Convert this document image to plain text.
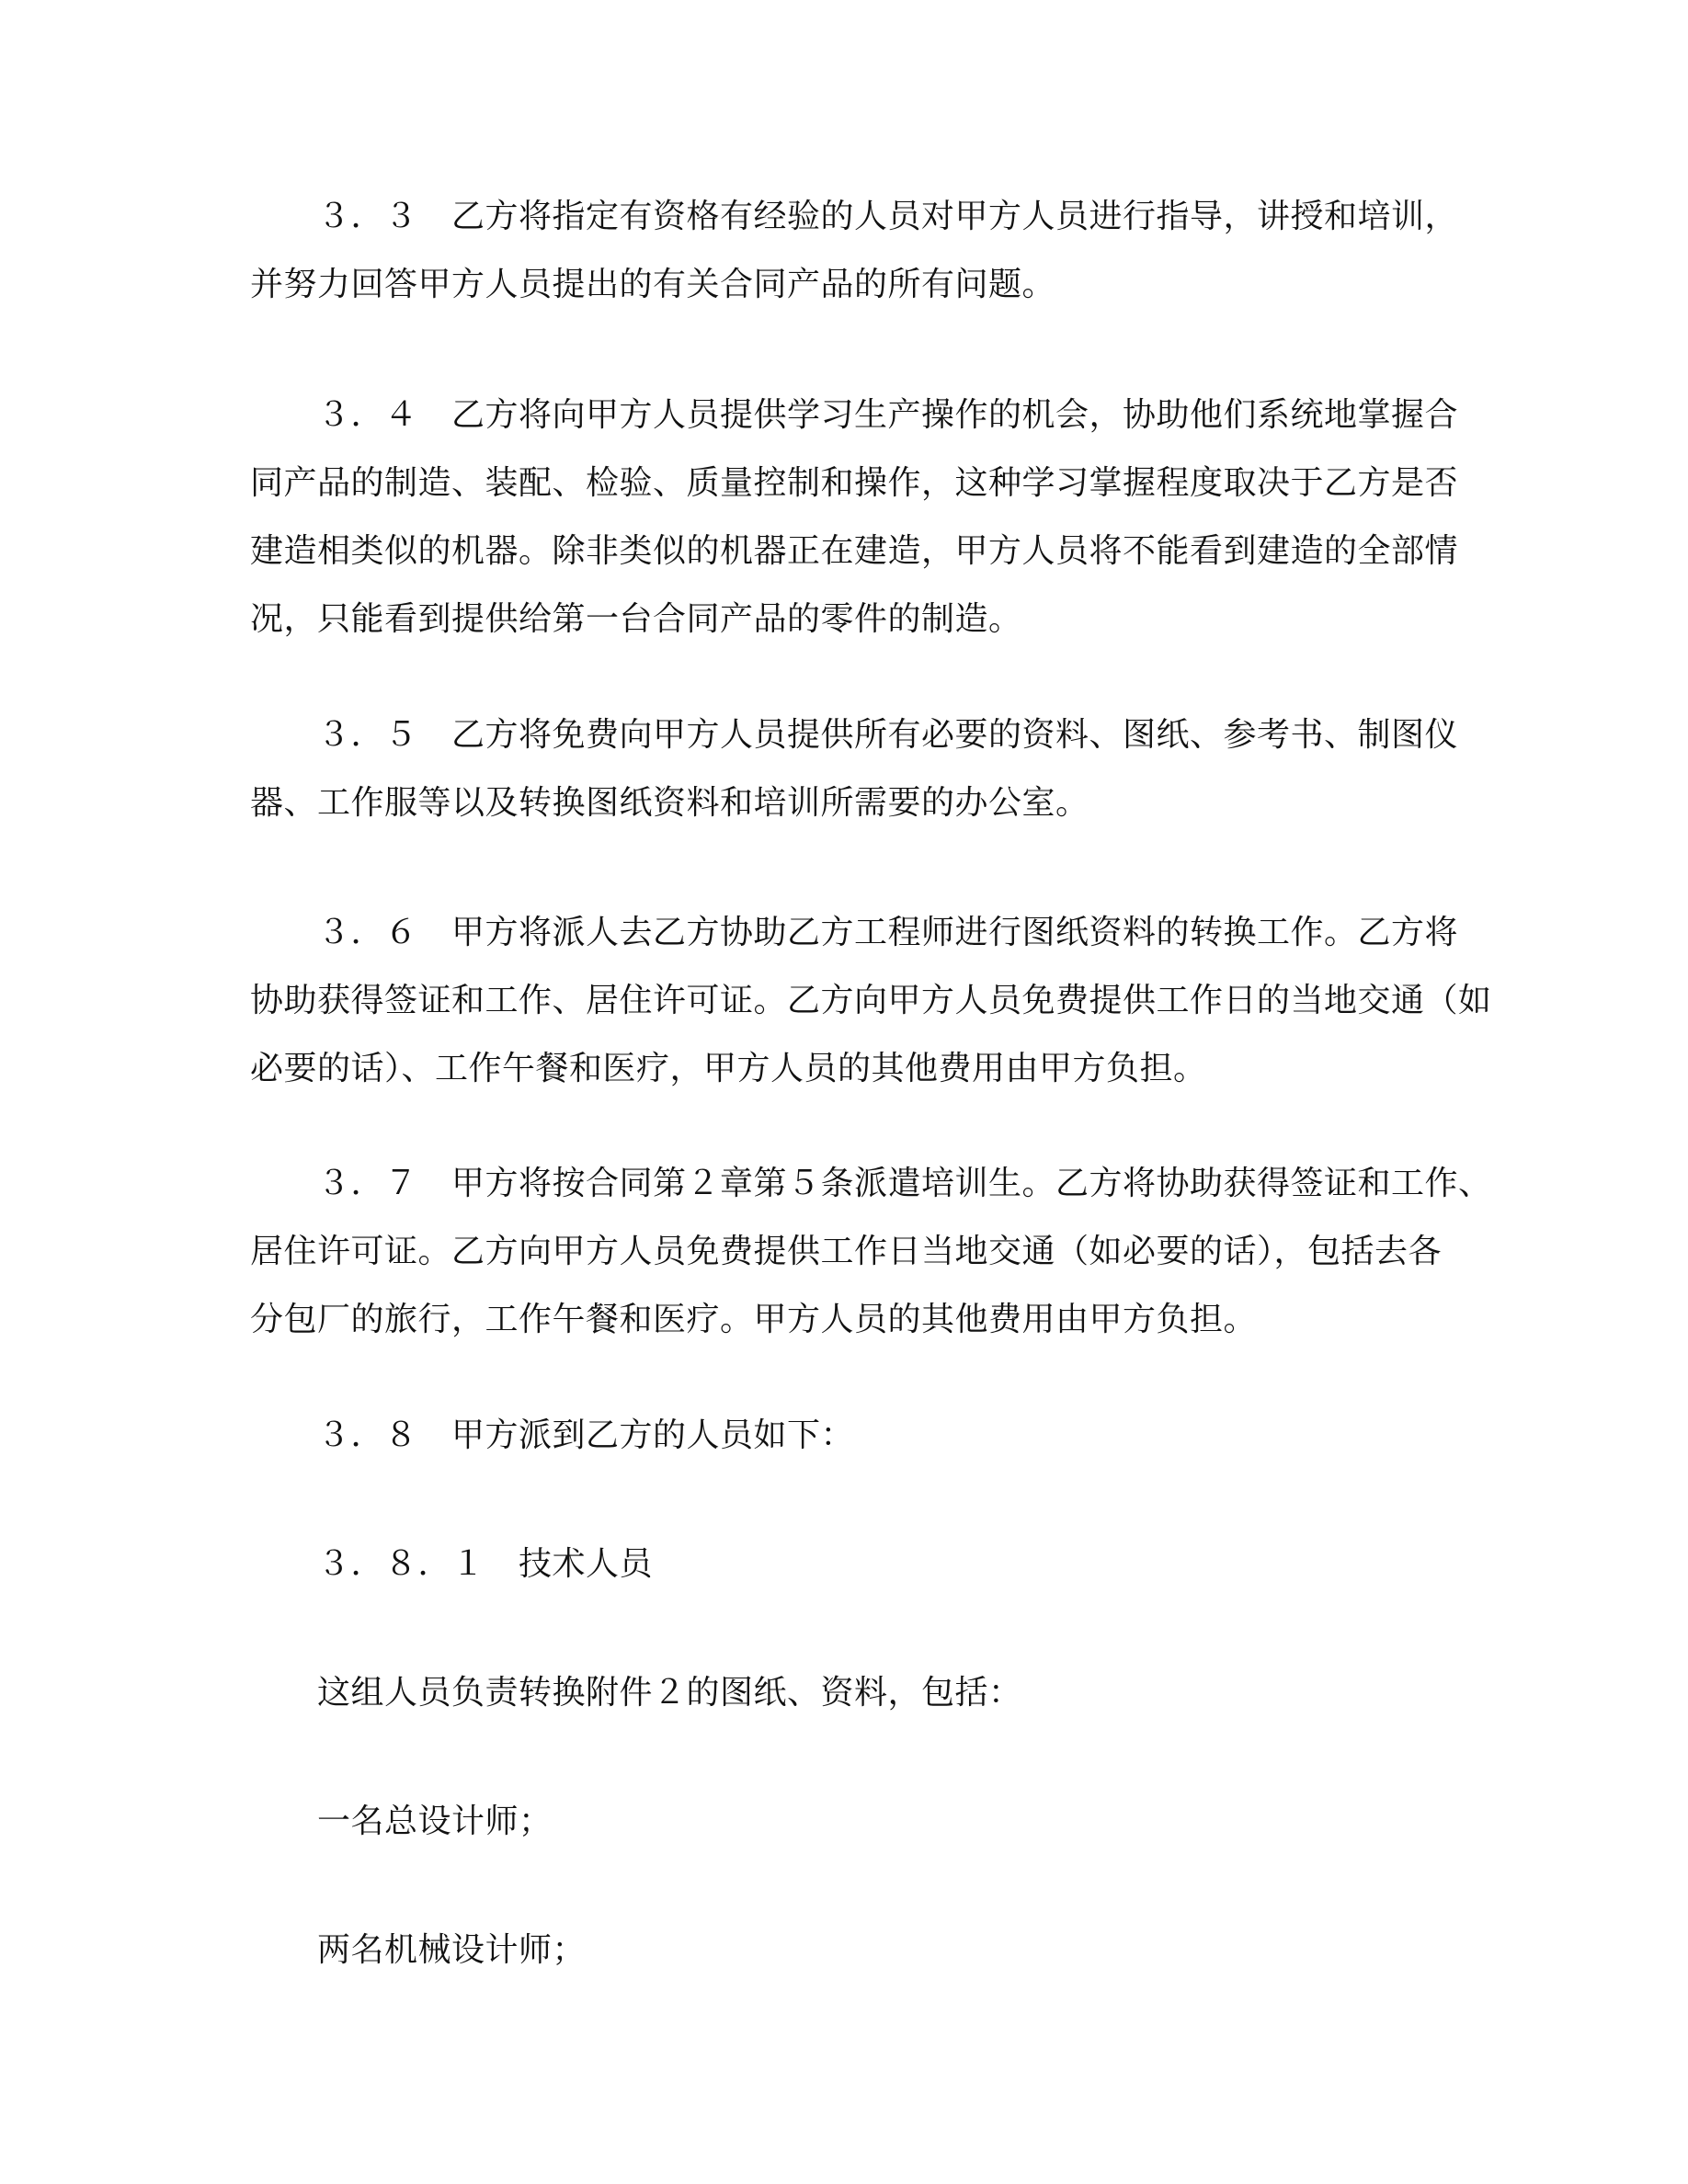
３．３　乙方将指定有资格有经验的人员对甲方人员进行指导，讲授和培训，
并努力回答甲方人员提出的有关合同产品的所有问题。
３．４　乙方将向甲方人员提供学习生产操作的机会，协助他们系统地掌握合
同产品的制造、装配、检验、质量控制和操作，这种学习掌握程度取决于乙方是否
建造相类似的机器。除非类似的机器正在建造，甲方人员将不能看到建造的全部情
况，只能看到提供给第一台合同产品的零件的制造。
３．５　乙方将免费向甲方人员提供所有必要的资料、图纸、参考书、制图仪
器、工作服等以及转换图纸资料和培训所需要的办公室。
３．６　甲方将派人去乙方协助乙方工程师进行图纸资料的转换工作。乙方将
协助获得签证和工作、居住许可证。乙方向甲方人员免费提供工作日的当地交通（如
必要的话）、工作午餐和医疗，甲方人员的其他费用由甲方负担。
３．７　甲方将按合同第２章第５条派遣培训生。乙方将协助获得签证和工作、
居住许可证。乙方向甲方人员免费提供工作日当地交通（如必要的话），包括去各
分包厂的旅行，工作午餐和医疗。甲方人员的其他费用由甲方负担。
３．８　甲方派到乙方的人员如下：
３．８．１　技术人员
这组人员负责转换附件２的图纸、资料，包括：
一名总设计师；
两名机械设计师；
